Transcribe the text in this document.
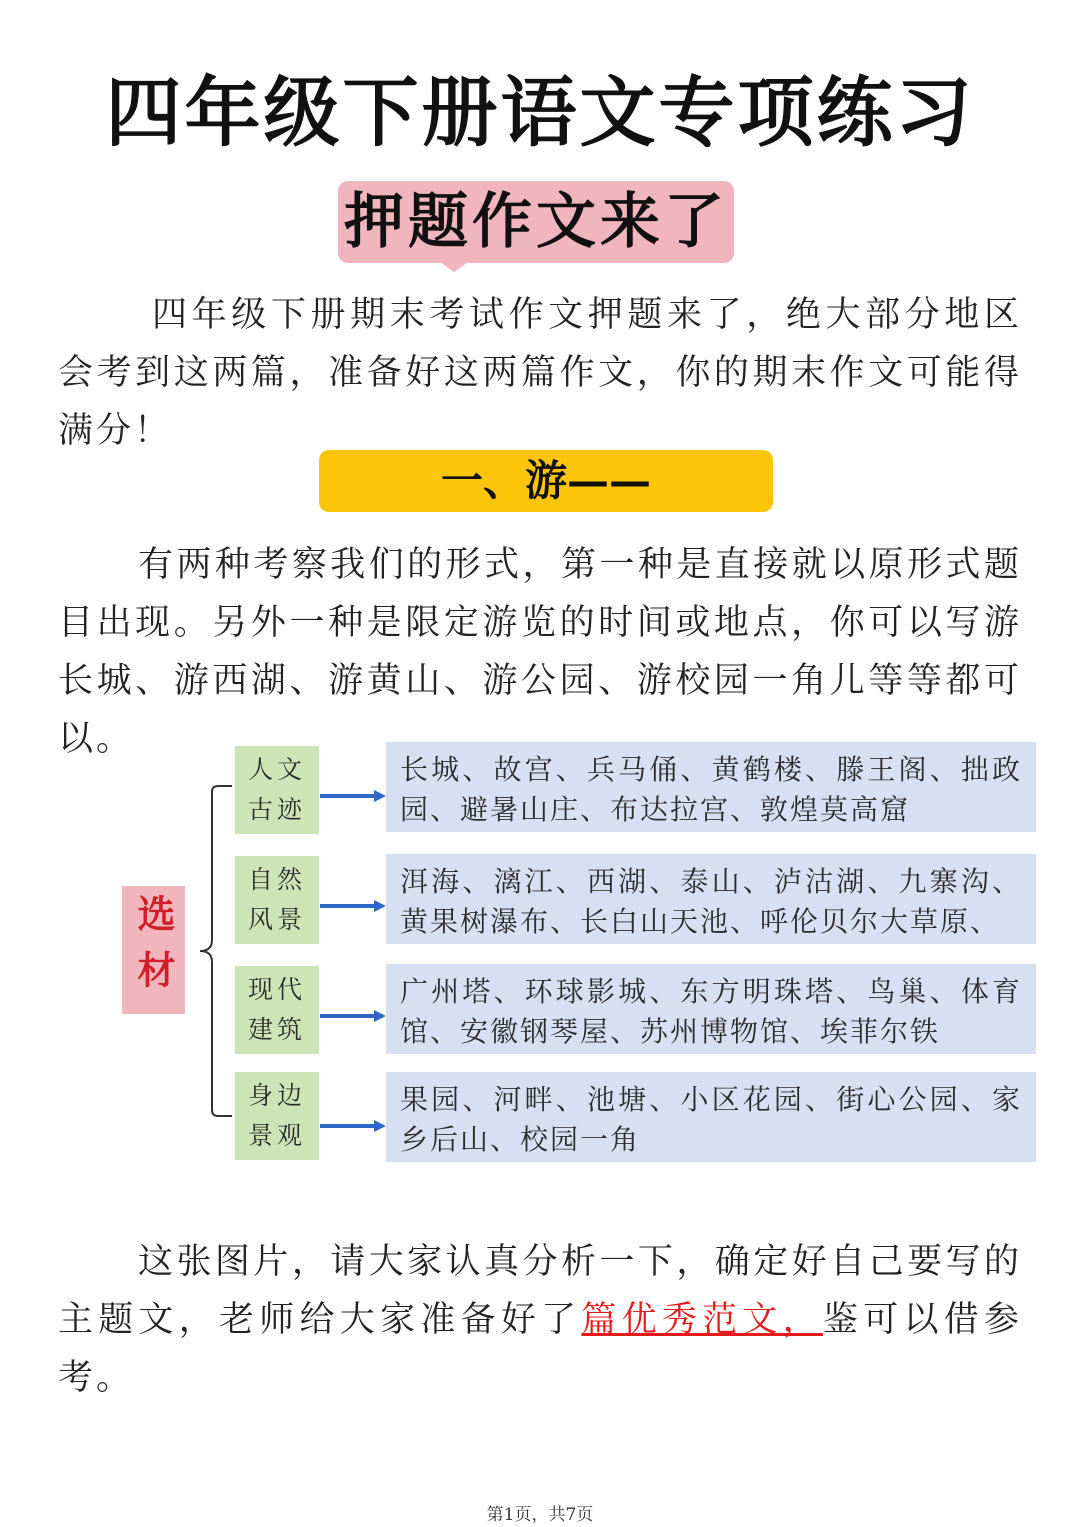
四年级下册语文专项练习
押题作文来了
四年级下册期末考试作文押题来了，绝大部分地区会考到这两篇，准备好这两篇作文，你的期末作文可能得满分！
一、游——
有两种考察我们的形式，第一种是直接就以原形式题目出现。另外一种是限定游览的时间或地点，你可以写游长城、游西湖、游黄山、游公园、游校园一角儿等等都可以。
选材
人文
古迹
长城、故宫、兵马俑、黄鹤楼、滕王阁、拙政园、避暑山庄、布达拉宫、敦煌莫高窟
自然
风景
洱海、漓江、西湖、泰山、泸沽湖、九寨沟、黄果树瀑布、长白山天池、呼伦贝尔大草原、
现代
建筑
广州塔、环球影城、东方明珠塔、鸟巢、体育馆、安徽钢琴屋、苏州博物馆、埃菲尔铁
身边
景观
果园、河畔、池塘、小区花园、街心公园、家乡后山、校园一角
这张图片，请大家认真分析一下，确定好自己要写的主题文，老师给大家准备好了篇优秀范文，鉴可以借参考。
第1页，共7页
